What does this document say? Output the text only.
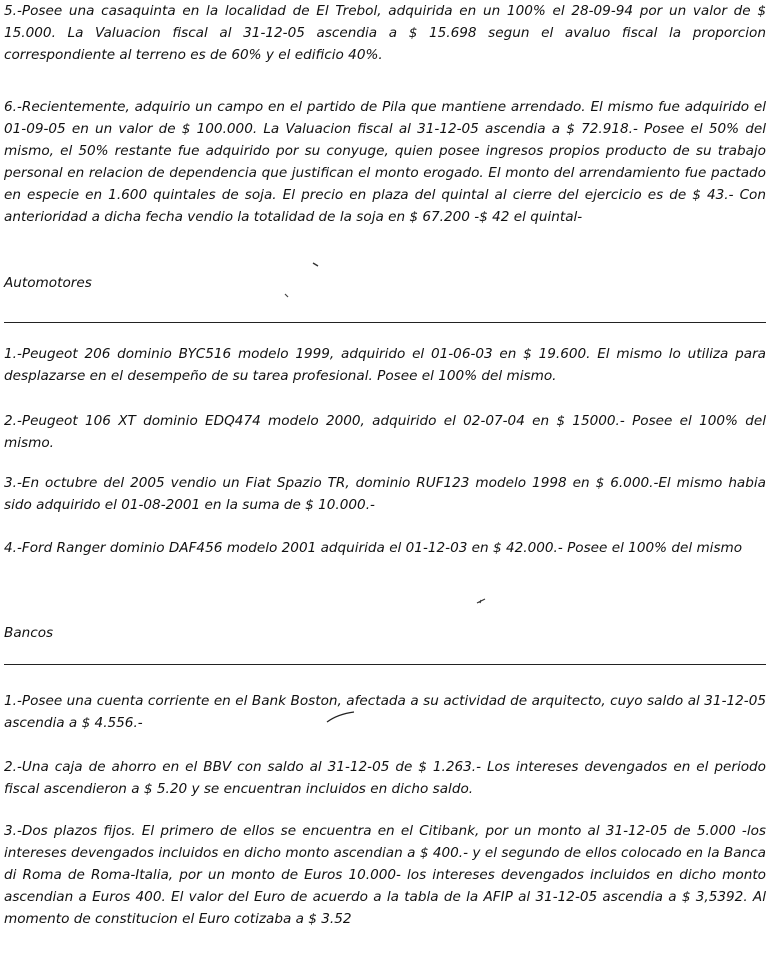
5.-Posee una casaquinta en la localidad de El Trebol, adquirida en un 100% el 28-09-94 por un valor de $ 15.000. La Valuacion fiscal al 31-12-05 ascendia a $ 15.698 segun el avaluo fiscal la proporcion correspondiente al terreno es de 60% y el edificio 40%.

6.-Recientemente, adquirio un campo en el partido de Pila que mantiene arrendado. El mismo fue adquirido el 01-09-05 en un valor de $ 100.000. La Valuacion fiscal al 31-12-05 ascendia a $ 72.918.- Posee el 50% del mismo, el 50% restante fue adquirido por su conyuge, quien posee ingresos propios producto de su trabajo personal en relacion de dependencia que justifican el monto erogado. El monto del arrendamiento fue pactado en especie en 1.600 quintales de soja. El precio en plaza del quintal al cierre del ejercicio es de $ 43.- Con anterioridad a dicha fecha vendio la totalidad de la soja en $ 67.200 -$ 42 el quintal-

Automotores

1.-Peugeot 206 dominio BYC516 modelo 1999, adquirido el 01-06-03 en $ 19.600. El mismo lo utiliza para desplazarse en el desempeño de su tarea profesional. Posee el 100% del mismo.

2.-Peugeot 106 XT dominio EDQ474 modelo 2000, adquirido el 02-07-04 en $ 15000.- Posee el 100% del mismo.

3.-En octubre del 2005 vendio un Fiat Spazio TR, dominio RUF123 modelo 1998 en $ 6.000.-El mismo habia sido adquirido el 01-08-2001 en la suma de $ 10.000.-

4.-Ford Ranger dominio DAF456 modelo 2001 adquirida el 01-12-03 en $ 42.000.- Posee el 100% del mismo

Bancos

1.-Posee una cuenta corriente en el Bank Boston, afectada a su actividad de arquitecto, cuyo saldo al 31-12-05 ascendia a $ 4.556.-

2.-Una caja de ahorro en el BBV con saldo al 31-12-05 de $ 1.263.- Los intereses devengados en el periodo fiscal ascendieron a $ 5.20 y se encuentran incluidos en dicho saldo.

3.-Dos plazos fijos. El primero de ellos se encuentra en el Citibank, por un monto al 31-12-05 de 5.000 -los intereses devengados incluidos en dicho monto ascendian a $ 400.- y el segundo de ellos colocado en la Banca di Roma de Roma-Italia, por un monto de Euros 10.000- los intereses devengados incluidos en dicho monto ascendian a Euros 400. El valor del Euro de acuerdo a la tabla de la AFIP al 31-12-05 ascendia a $ 3,5392. Al momento de constitucion el Euro cotizaba a $ 3.52
